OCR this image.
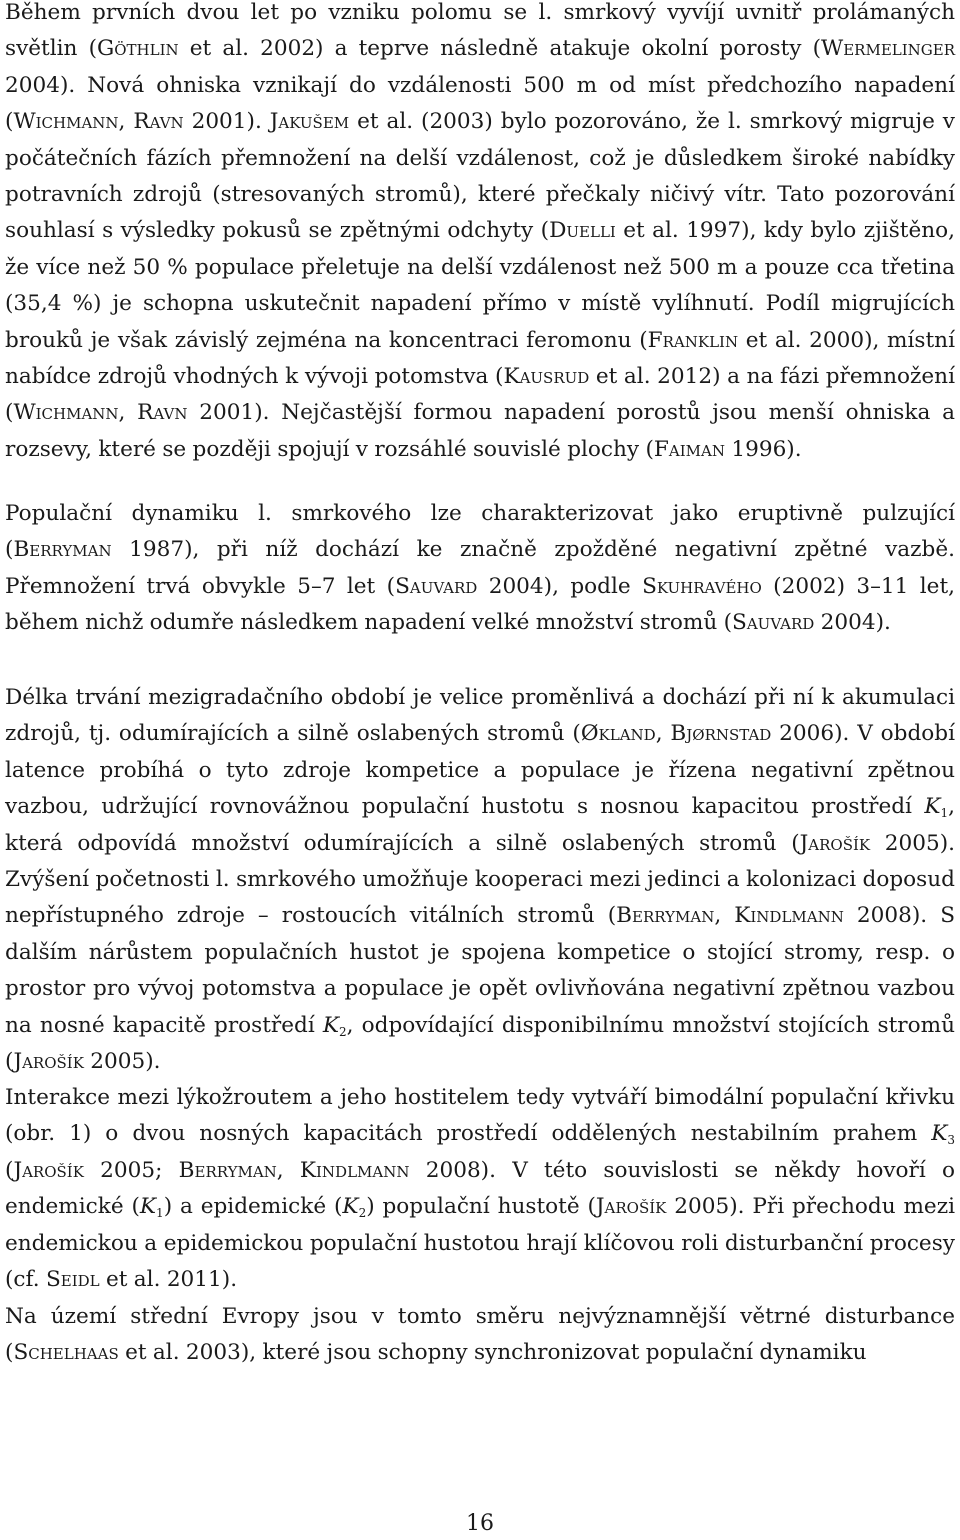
Během prvních dvou let po vzniku polomu se l. smrkový vyvíjí uvnitř prolámaných světlin (Göthlin et al. 2002) a teprve následně atakuje okolní porosty (Wermelinger 2004). Nová ohniska vznikají do vzdálenosti 500 m od míst předchozího napadení (Wichmann, Ravn 2001). Jakušem et al. (2003) bylo pozorováno, že l. smrkový migruje v počátečních fázích přemnožení na delší vzdálenost, což je důsledkem široké nabídky potravních zdrojů (stresovaných stromů), které přečkaly ničivý vítr. Tato pozorování souhlasí s výsledky pokusů se zpětnými odchyty (Duelli et al. 1997), kdy bylo zjištěno, že více než 50 % populace přeletuje na delší vzdálenost než 500 m a pouze cca třetina (35,4 %) je schopna uskutečnit napadení přímo v místě vylíhnutí. Podíl migrujících brouků je však závislý zejména na koncentraci feromonu (Franklin et al. 2000), místní nabídce zdrojů vhodných k vývoji potomstva (Kausrud et al. 2012) a na fázi přemnožení (Wichmann, Ravn 2001). Nejčastější formou napadení porostů jsou menší ohniska a rozsevy, které se později spojují v rozsáhlé souvislé plochy (Faiman 1996).

Populační dynamiku l. smrkového lze charakterizovat jako eruptivně pulzující (Berryman 1987), při níž dochází ke značně zpožděné negativní zpětné vazbě. Přemnožení trvá obvykle 5–7 let (Sauvard 2004), podle Skuhravého (2002) 3–11 let, během nichž odumře následkem napadení velké množství stromů (Sauvard 2004).

Délka trvání mezigradačního období je velice proměnlivá a dochází při ní k akumulaci zdrojů, tj. odumírajících a silně oslabených stromů (Økland, Bjørnstad 2006). V období latence probíhá o tyto zdroje kompetice a populace je řízena negativní zpětnou vazbou, udržující rovnovážnou populační hustotu s nosnou kapacitou prostředí $K_1$, která odpovídá množství odumírajících a silně oslabených stromů (Jarošík 2005). Zvýšení početnosti l. smrkového umožňuje kooperaci mezi jedinci a kolonizaci doposud nepřístupného zdroje – rostoucích vitálních stromů (Berryman, Kindlmann 2008). S dalším nárůstem populačních hustot je spojena kompetice o stojící stromy, resp. o prostor pro vývoj potomstva a populace je opět ovlivňována negativní zpětnou vazbou na nosné kapacitě prostředí $K_2$, odpovídající disponibilnímu množství stojících stromů (Jarošík 2005).

Interakce mezi lýkožroutem a jeho hostitelem tedy vytváří bimodální populační křivku (obr. 1) o dvou nosných kapacitách prostředí oddělených nestabilním prahem $K_3$ (Jarošík 2005; Berryman, Kindlmann 2008). V této souvislosti se někdy hovoří o endemické $(K_1)$ a epidemické $(K_2)$ populační hustotě (Jarošík 2005). Při přechodu mezi endemickou a epidemickou populační hustotou hrají klíčovou roli disturbanční procesy (cf. Seidl et al. 2011).

Na území střední Evropy jsou v tomto směru nejvýznamnější větrné disturbance (Schelhaas et al. 2003), které jsou schopny synchronizovat populační dynamiku

16
